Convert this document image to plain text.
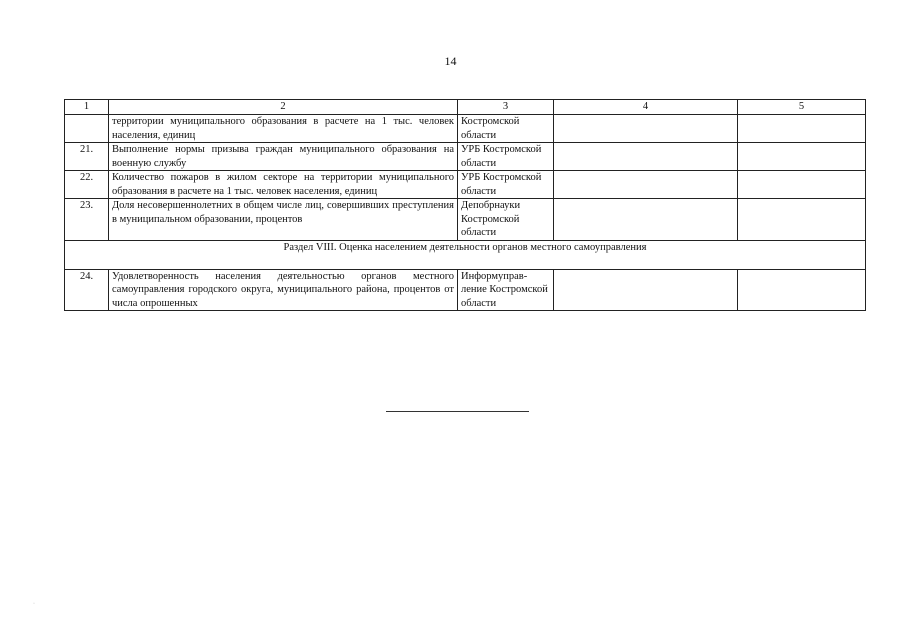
14
1	2	3	4	5
	территории муниципального образования в расчете на 1 тыс. человек населения, единиц	Костромской области		
21.	Выполнение нормы призыва граждан муниципального образования на военную службу	УРБ Костромской области		
22.	Количество пожаров в жилом секторе на территории муниципального образования в расчете на 1 тыс. человек населения, единиц	УРБ Костромской области		
23.	Доля несовершеннолетних в общем числе лиц, совершивших преступления в муниципальном образовании, процентов	Депобрнауки Костромской области		
Раздел VIII. Оценка населением деятельности органов местного самоуправления				
24.	Удовлетворенность населения деятельностью органов местного самоуправления городского округа, муниципального района, процентов от числа опрошенных	Информуправ-ление Костромской области		
·
